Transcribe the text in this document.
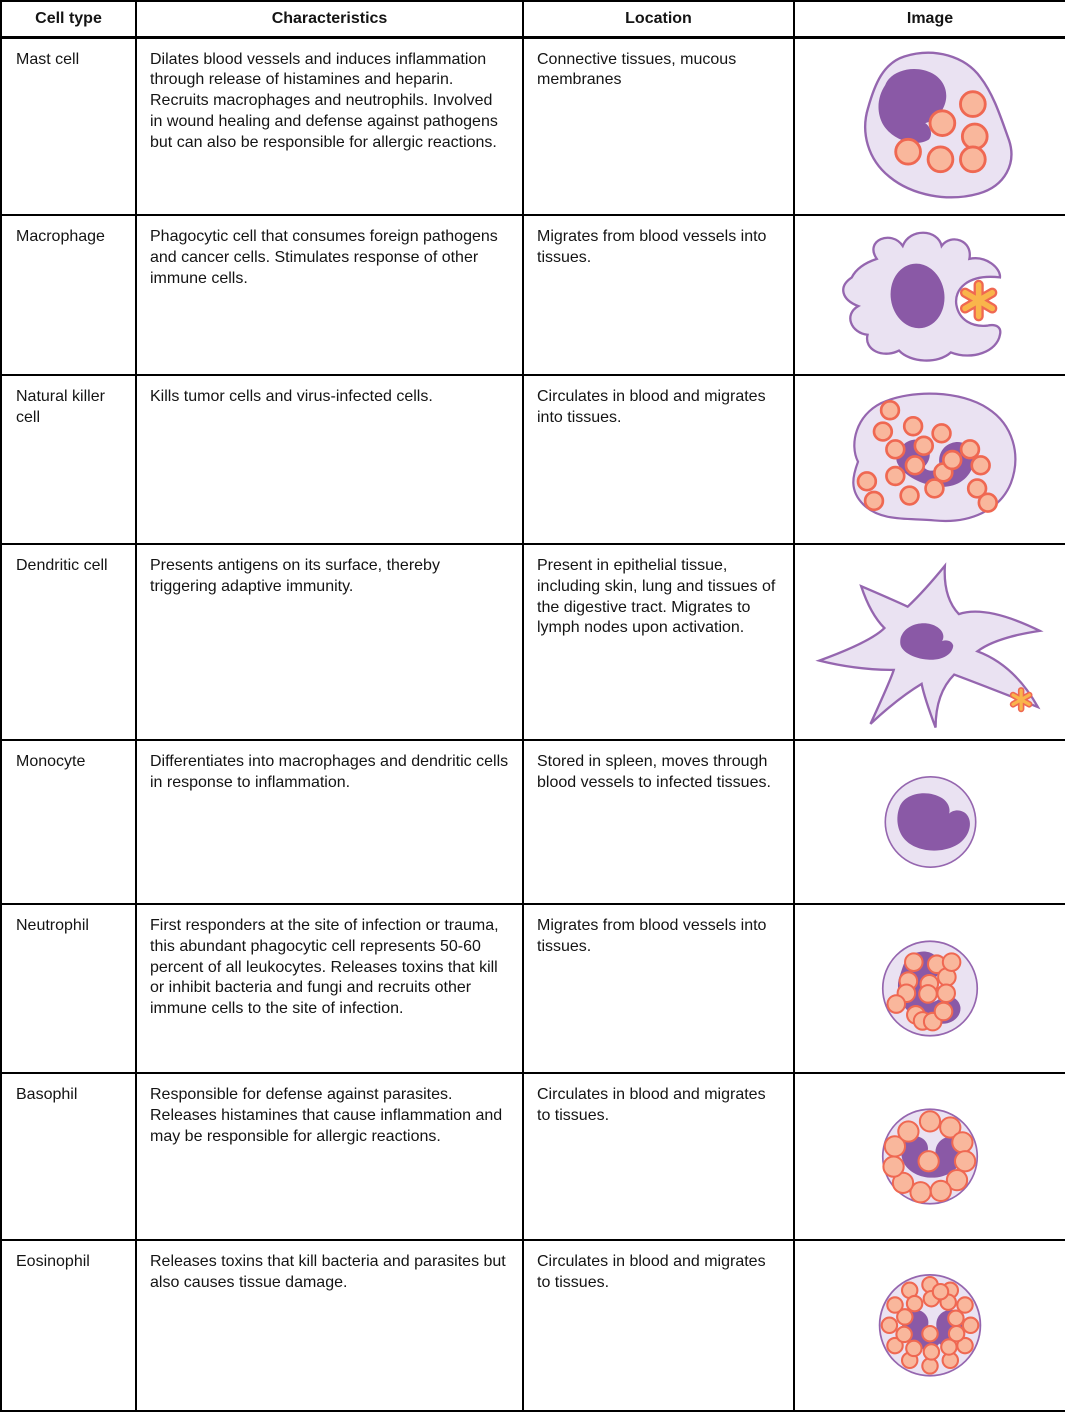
Cell type	Characteristics	Location	Image
Mast cell	Dilates blood vessels and induces inflammation through release of histamines and heparin. Recruits macrophages and neutrophils. Involved in wound healing and defense against pathogens but can also be responsible for allergic reactions.	Connective tissues, mucous membranes	
Macrophage	Phagocytic cell that consumes foreign pathogens and cancer cells. Stimulates response of other immune cells.	Migrates from blood vessels into tissues.	
Natural killer cell	Kills tumor cells and virus-infected cells.	Circulates in blood and migrates into tissues.	
Dendritic cell	Presents antigens on its surface, thereby triggering adaptive immunity.	Present in epithelial tissue, including skin, lung and tissues of the digestive tract. Migrates to lymph nodes upon activation.	
Monocyte	Differentiates into macrophages and dendritic cells in response to inflammation.	Stored in spleen, moves through blood vessels to infected tissues.	
Neutrophil	First responders at the site of infection or trauma, this abundant phagocytic cell represents 50-60 percent of all leukocytes. Releases toxins that kill or inhibit bacteria and fungi and recruits other immune cells to the site of infection.	Migrates from blood vessels into tissues.	
Basophil	Responsible for defense against parasites. Releases histamines that cause inflammation and may be responsible for allergic reactions.	Circulates in blood and migrates to tissues.	
Eosinophil	Releases toxins that kill bacteria and parasites but also causes tissue damage.	Circulates in blood and migrates to tissues.	
